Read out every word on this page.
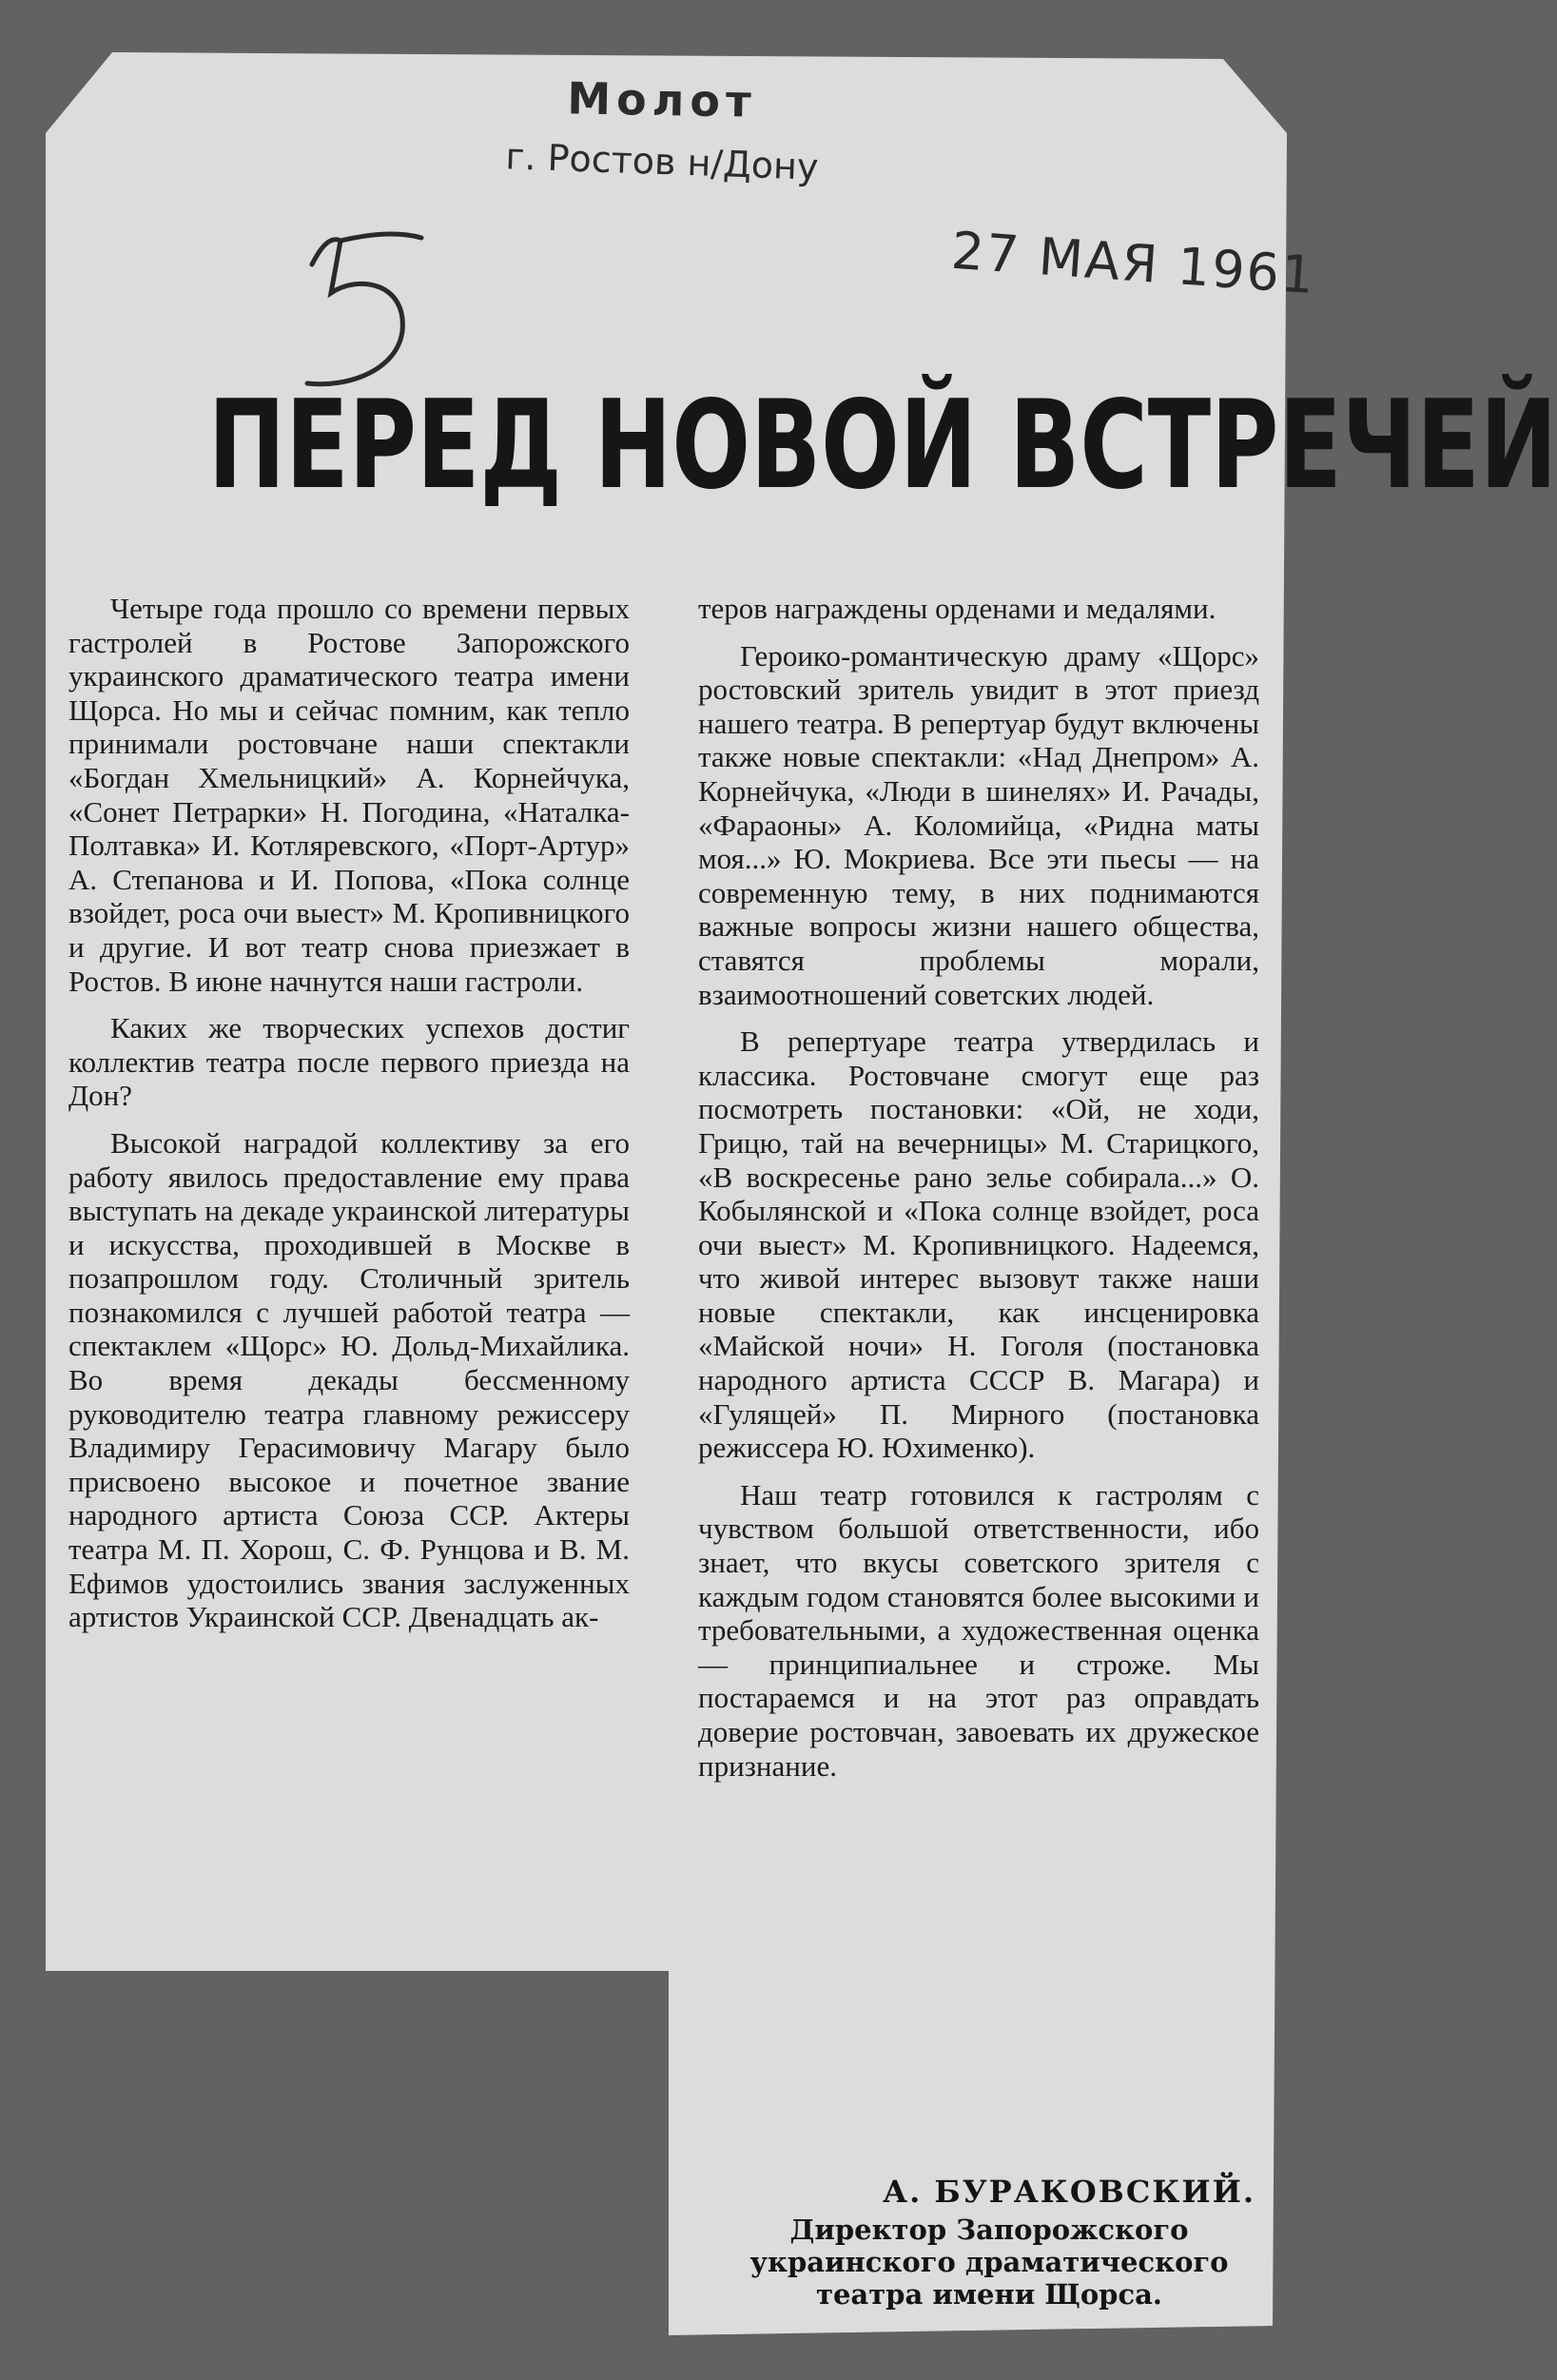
Молот
г. Ростов н/Дону
27 МАЯ 1961
ПЕРЕД НОВОЙ ВСТРЕЧЕЙ

Четыре года прошло со времени первых гастролей в Ростове Запорожского украинского драматического театра имени Щорса. Но мы и сейчас помним, как тепло принимали ростовчане наши спектакли «Богдан Хмельницкий» А. Корнейчука, «Сонет Петрарки» Н. Погодина, «Наталка-Полтавка» И. Котляревского, «Порт-Артур» А. Степанова и И. Попова, «Пока солнце взойдет, роса очи выест» М. Кропивницкого и другие. И вот театр снова приезжает в Ростов. В июне начнутся наши гастроли.

Каких же творческих успехов достиг коллектив театра после первого приезда на Дон?

Высокой наградой коллективу за его работу явилось предоставление ему права выступать на декаде украинской литературы и искусства, проходившей в Москве в позапрошлом году. Столичный зритель познакомился с лучшей работой театра — спектаклем «Щорс» Ю. Дольд-Михайлика. Во время декады бессменному руководителю театра главному режиссеру Владимиру Герасимовичу Магару было присвоено высокое и почетное звание народного артиста Союза ССР. Актеры театра М. П. Хорош, С. Ф. Рунцова и В. М. Ефимов удостоились звания заслуженных артистов Украинской ССР. Двенадцать ак-

теров награждены орденами и медалями.

Героико-романтическую драму «Щорс» ростовский зритель увидит в этот приезд нашего театра. В репертуар будут включены также новые спектакли: «Над Днепром» А. Корнейчука, «Люди в шинелях» И. Рачады, «Фараоны» А. Коломийца, «Ридна маты моя...» Ю. Мокриева. Все эти пьесы — на современную тему, в них поднимаются важные вопросы жизни нашего общества, ставятся проблемы морали, взаимоотношений советских людей.

В репертуаре театра утвердилась и классика. Ростовчане смогут еще раз посмотреть постановки: «Ой, не ходи, Грицю, тай на вечерницы» М. Старицкого, «В воскресенье рано зелье собирала...» О. Кобылянской и «Пока солнце взойдет, роса очи выест» М. Кропивницкого. Надеемся, что живой интерес вызовут также наши новые спектакли, как инсценировка «Майской ночи» Н. Гоголя (постановка народного артиста СССР В. Магара) и «Гулящей» П. Мирного (постановка режиссера Ю. Юхименко).

Наш театр готовился к гастролям с чувством большой ответственности, ибо знает, что вкусы советского зрителя с каждым годом становятся более высокими и требовательными, а художественная оценка — принципиальнее и строже. Мы постараемся и на этот раз оправдать доверие ростовчан, завоевать их дружеское признание.

А. БУРАКОВСКИЙ.
Директор Запорожского украинского драматического театра имени Щорса.
